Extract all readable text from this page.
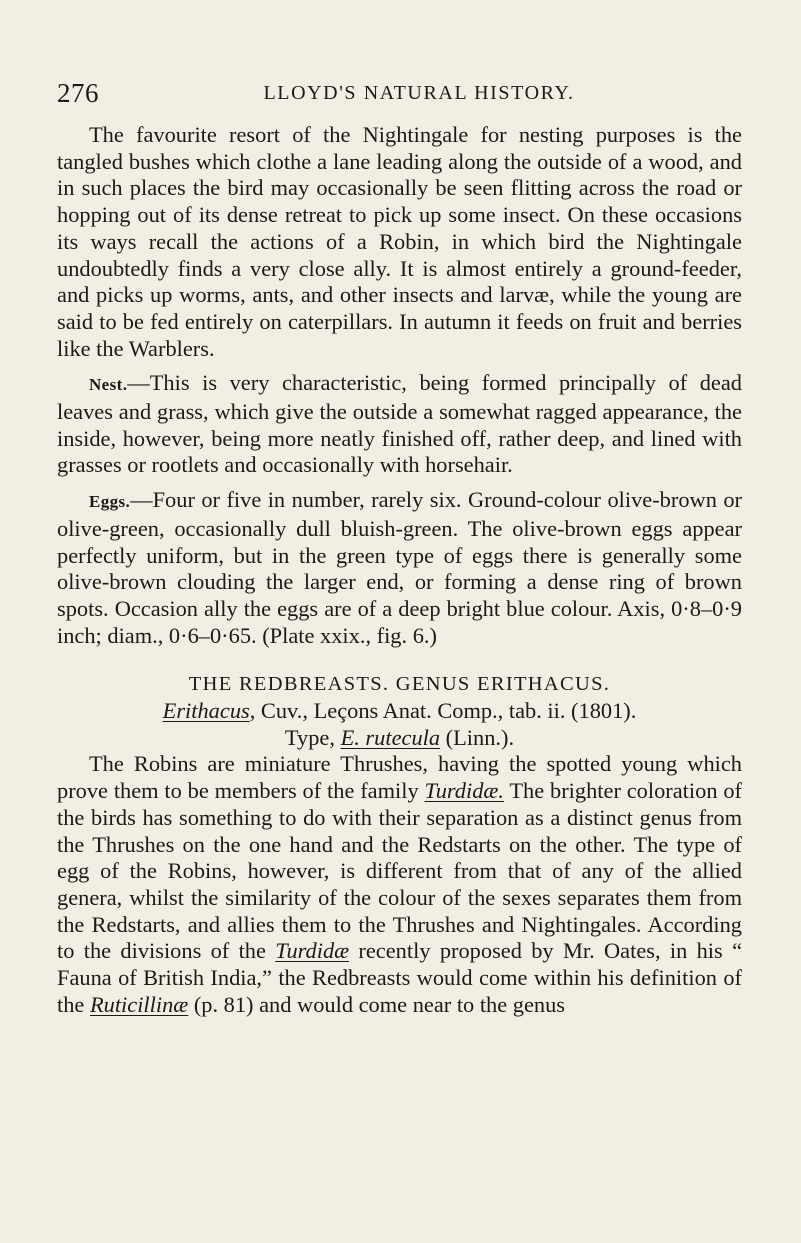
276	LLOYD'S NATURAL HISTORY.

The favourite resort of the Nightingale for nesting purposes is the tangled bushes which clothe a lane leading along the outside of a wood, and in such places the bird may occasionally be seen flitting across the road or hopping out of its dense retreat to pick up some insect. On these occasions its ways recall the actions of a Robin, in which bird the Nightingale undoubtedly finds a very close ally. It is almost entirely a ground-feeder, and picks up worms, ants, and other insects and larvæ, while the young are said to be fed entirely on caterpillars. In autumn it feeds on fruit and berries like the Warblers.

Nest.—This is very characteristic, being formed principally of dead leaves and grass, which give the outside a somewhat ragged appearance, the inside, however, being more neatly finished off, rather deep, and lined with grasses or rootlets and occasionally with horsehair.

Eggs.—Four or five in number, rarely six. Ground-colour olive-brown or olive-green, occasionally dull bluish-green. The olive-brown eggs appear perfectly uniform, but in the green type of eggs there is generally some olive-brown clouding the larger end, or forming a dense ring of brown spots. Occasion ally the eggs are of a deep bright blue colour. Axis, 0·8–0·9 inch; diam., 0·6–0·65. (Plate xxix., fig. 6.)

THE REDBREASTS. GENUS ERITHACUS.

Erithacus, Cuv., Leçons Anat. Comp., tab. ii. (1801).

Type, E. rutecula (Linn.).

The Robins are miniature Thrushes, having the spotted young which prove them to be members of the family Turdidæ. The brighter coloration of the birds has something to do with their separation as a distinct genus from the Thrushes on the one hand and the Redstarts on the other. The type of egg of the Robins, however, is different from that of any of the allied genera, whilst the similarity of the colour of the sexes separates them from the Redstarts, and allies them to the Thrushes and Nightingales. According to the divisions of the Turdidæ recently proposed by Mr. Oates, in his “ Fauna of British India,” the Redbreasts would come within his definition of the Ruticillinæ (p. 81) and would come near to the genus
